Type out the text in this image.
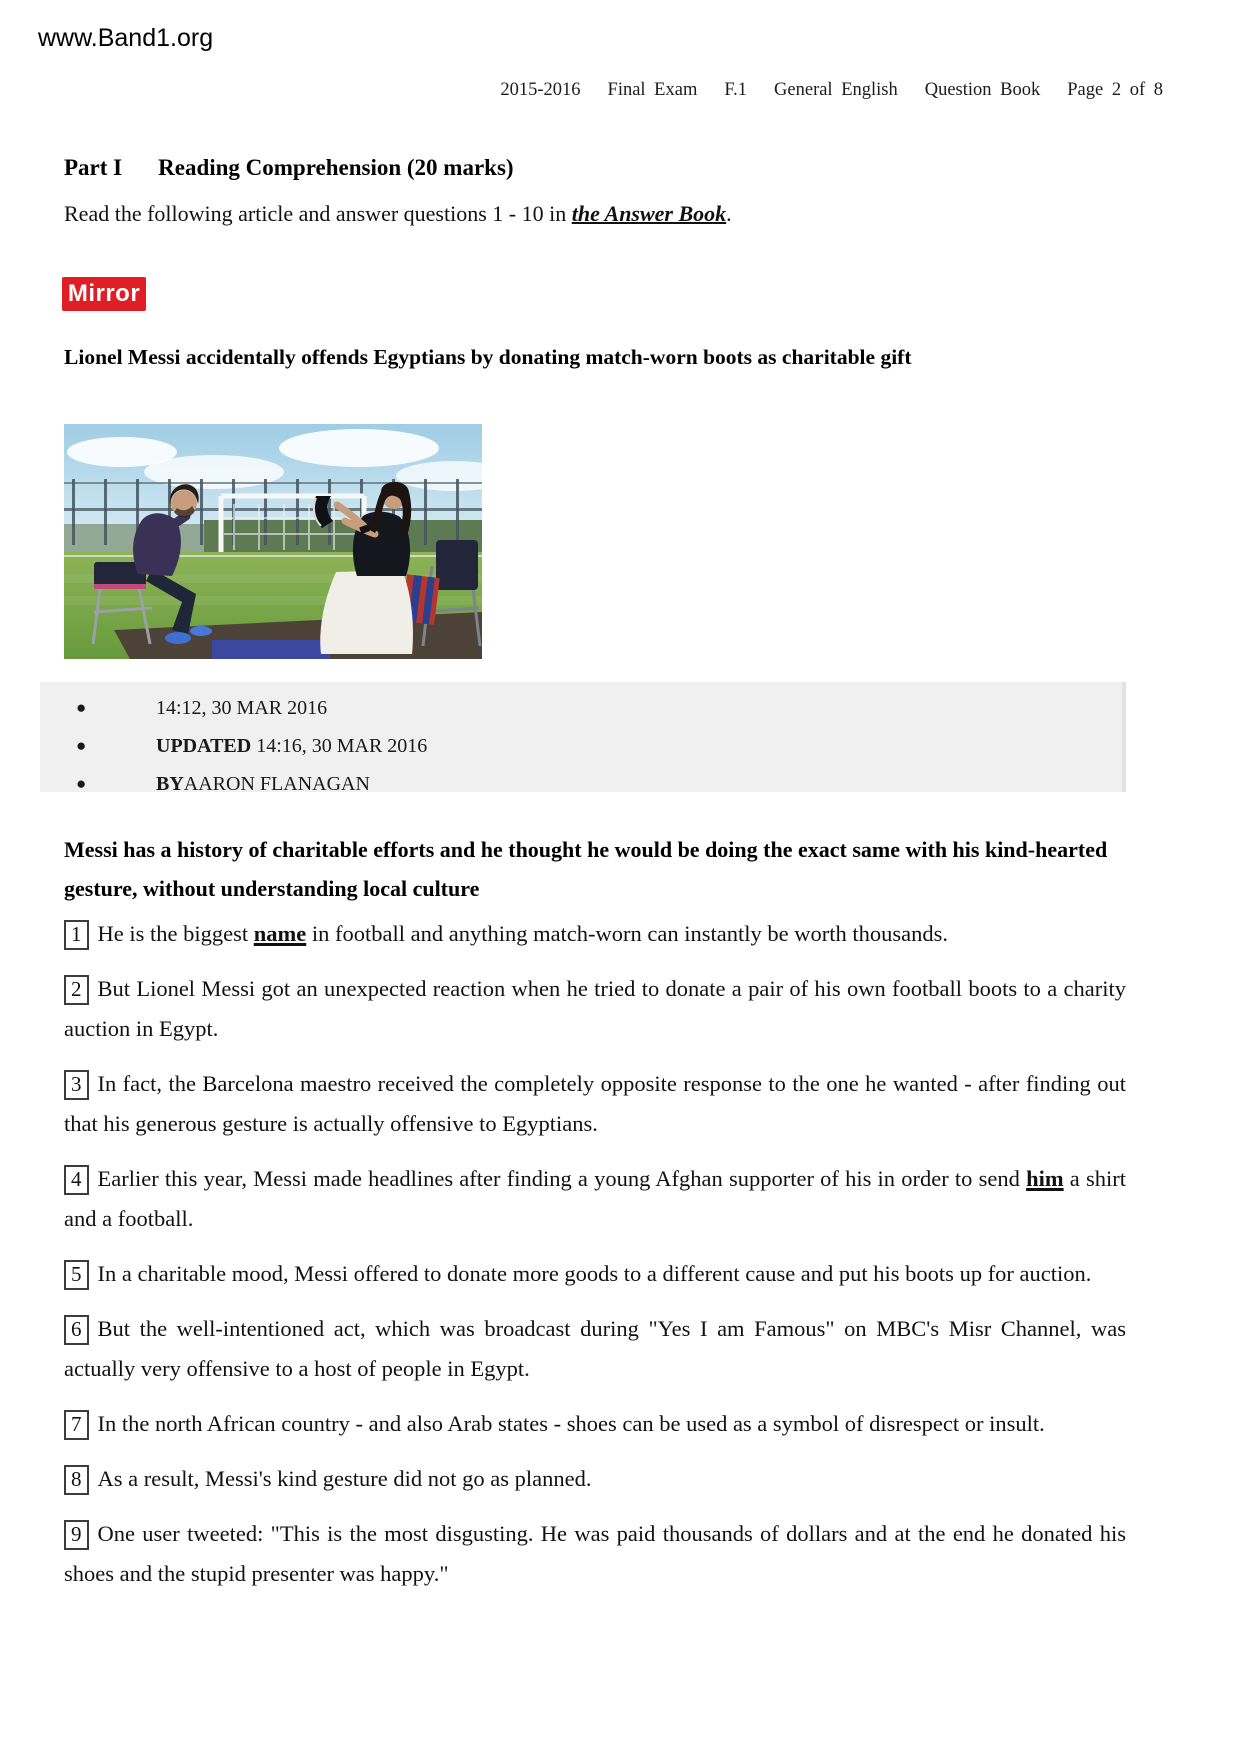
www.Band1.org
2015-2016 Final Exam F.1 General English Question Book Page 2 of 8
Part I Reading Comprehension (20 marks)
Read the following article and answer questions 1 - 10 in the Answer Book.
Mirror
Lionel Messi accidentally offends Egyptians by donating match-worn boots as charitable gift
●	14:12, 30 MAR 2016
●	UPDATED 14:16, 30 MAR 2016
●	BYAARON FLANAGAN
Messi has a history of charitable efforts and he thought he would be doing the exact same with his kind-hearted gesture, without understanding local culture

1 He is the biggest name in football and anything match-worn can instantly be worth thousands.

2 But Lionel Messi got an unexpected reaction when he tried to donate a pair of his own football boots to a charity auction in Egypt.

3 In fact, the Barcelona maestro received the completely opposite response to the one he wanted - after finding out that his generous gesture is actually offensive to Egyptians.

4 Earlier this year, Messi made headlines after finding a young Afghan supporter of his in order to send him a shirt and a football.

5 In a charitable mood, Messi offered to donate more goods to a different cause and put his boots up for auction.

6 But the well-intentioned act, which was broadcast during "Yes I am Famous" on MBC's Misr Channel, was actually very offensive to a host of people in Egypt.

7 In the north African country - and also Arab states - shoes can be used as a symbol of disrespect or insult.

8 As a result, Messi's kind gesture did not go as planned.

9 One user tweeted: "This is the most disgusting. He was paid thousands of dollars and at the end he donated his shoes and the stupid presenter was happy."
